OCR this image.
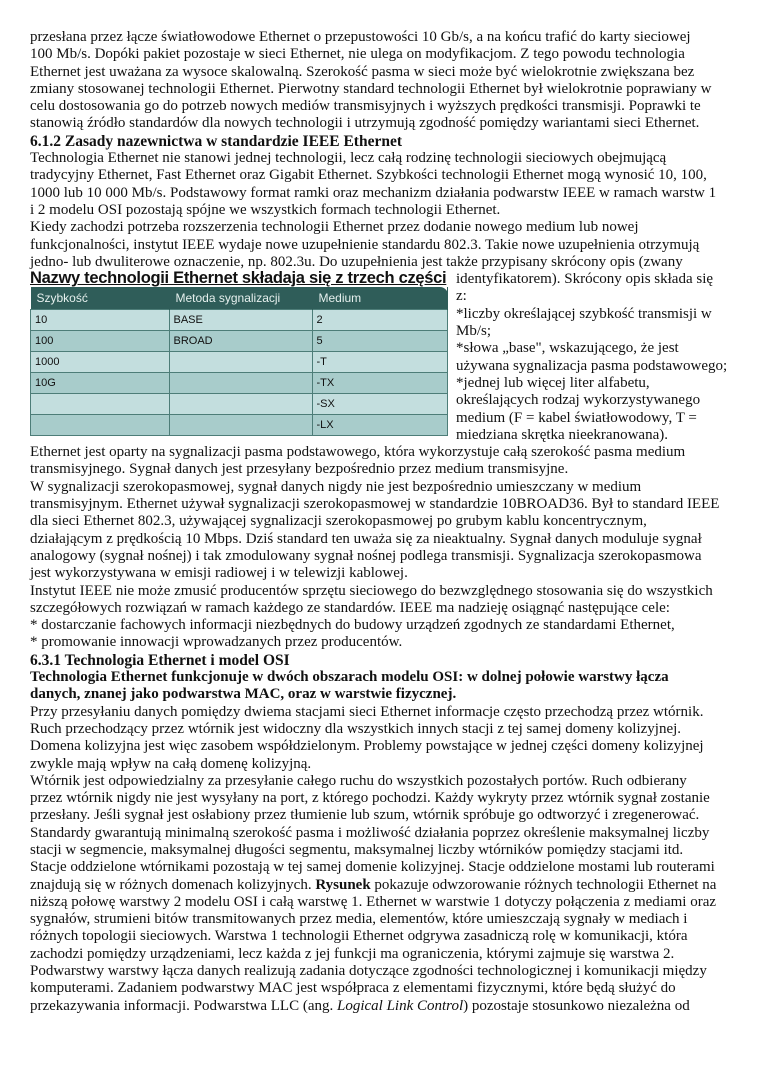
przesłana przez łącze światłowodowe Ethernet o przepustowości 10 Gb/s, a na końcu trafić do karty sieciowej
100 Mb/s. Dopóki pakiet pozostaje w sieci Ethernet, nie ulega on modyfikacjom. Z tego powodu technologia
Ethernet jest uważana za wysoce skalowalną. Szerokość pasma w sieci może być wielokrotnie zwiększana bez
zmiany stosowanej technologii Ethernet. Pierwotny standard technologii Ethernet był wielokrotnie poprawiany w
celu dostosowania go do potrzeb nowych mediów transmisyjnych i wyższych prędkości transmisji. Poprawki te
stanowią źródło standardów dla nowych technologii i utrzymują zgodność pomiędzy wariantami sieci Ethernet.
6.1.2 Zasady nazewnictwa w standardzie IEEE Ethernet
Technologia Ethernet nie stanowi jednej technologii, lecz całą rodzinę technologii sieciowych obejmującą
tradycyjny Ethernet, Fast Ethernet oraz Gigabit Ethernet. Szybkości technologii Ethernet mogą wynosić 10, 100,
1000 lub 10 000 Mb/s. Podstawowy format ramki oraz mechanizm działania podwarstw IEEE w ramach warstw 1
i 2 modelu OSI pozostają spójne we wszystkich formach technologii Ethernet.
Kiedy zachodzi potrzeba rozszerzenia technologii Ethernet przez dodanie nowego medium lub nowej
funkcjonalności, instytut IEEE wydaje nowe uzupełnienie standardu 802.3. Takie nowe uzupełnienia otrzymują
jedno- lub dwuliterowe oznaczenie, np. 802.3u. Do uzupełnienia jest także przypisany skrócony opis (zwany
Nazwy technologii Ethernet składaja się z trzech części
Szybkość	Metoda sygnalizacji	Medium
10	BASE	2
100	BROAD	5
1000		-T
10G		-TX
		-SX
		-LX
identyfikatorem). Skrócony opis składa się
z:
*liczby określającej szybkość transmisji w
Mb/s;
*słowa „base", wskazującego, że jest
używana sygnalizacja pasma podstawowego;
*jednej lub więcej liter alfabetu,
określających rodzaj wykorzystywanego
medium (F = kabel światłowodowy, T =
miedziana skrętka nieekranowana).
Ethernet jest oparty na sygnalizacji pasma podstawowego, która wykorzystuje całą szerokość pasma medium
transmisyjnego. Sygnał danych jest przesyłany bezpośrednio przez medium transmisyjne.
W sygnalizacji szerokopasmowej, sygnał danych nigdy nie jest bezpośrednio umieszczany w medium
transmisyjnym. Ethernet używał sygnalizacji szerokopasmowej w standardzie 10BROAD36. Był to standard IEEE
dla sieci Ethernet 802.3, używającej sygnalizacji szerokopasmowej po grubym kablu koncentrycznym,
działającym z prędkością 10 Mbps. Dziś standard ten uważa się za nieaktualny. Sygnał danych moduluje sygnał
analogowy (sygnał nośnej) i tak zmodulowany sygnał nośnej podlega transmisji. Sygnalizacja szerokopasmowa
jest wykorzystywana w emisji radiowej i w telewizji kablowej.
Instytut IEEE nie może zmusić producentów sprzętu sieciowego do bezwzględnego stosowania się do wszystkich
szczegółowych rozwiązań w ramach każdego ze standardów. IEEE ma nadzieję osiągnąć następujące cele:
* dostarczanie fachowych informacji niezbędnych do budowy urządzeń zgodnych ze standardami Ethernet,
* promowanie innowacji wprowadzanych przez producentów.
6.3.1 Technologia Ethernet i model OSI
Technologia Ethernet funkcjonuje w dwóch obszarach modelu OSI: w dolnej połowie warstwy łącza
danych, znanej jako podwarstwa MAC, oraz w warstwie fizycznej.
Przy przesyłaniu danych pomiędzy dwiema stacjami sieci Ethernet informacje często przechodzą przez wtórnik.
Ruch przechodzący przez wtórnik jest widoczny dla wszystkich innych stacji z tej samej domeny kolizyjnej.
Domena kolizyjna jest więc zasobem współdzielonym. Problemy powstające w jednej części domeny kolizyjnej
zwykle mają wpływ na całą domenę kolizyjną.
Wtórnik jest odpowiedzialny za przesyłanie całego ruchu do wszystkich pozostałych portów. Ruch odbierany
przez wtórnik nigdy nie jest wysyłany na port, z którego pochodzi. Każdy wykryty przez wtórnik sygnał zostanie
przesłany. Jeśli sygnał jest osłabiony przez tłumienie lub szum, wtórnik spróbuje go odtworzyć i zregenerować.
Standardy gwarantują minimalną szerokość pasma i możliwość działania poprzez określenie maksymalnej liczby
stacji w segmencie, maksymalnej długości segmentu, maksymalnej liczby wtórników pomiędzy stacjami itd.
Stacje oddzielone wtórnikami pozostają w tej samej domenie kolizyjnej. Stacje oddzielone mostami lub routerami
znajdują się w różnych domenach kolizyjnych. Rysunek pokazuje odwzorowanie różnych technologii Ethernet na
niższą połowę warstwy 2 modelu OSI i całą warstwę 1. Ethernet w warstwie 1 dotyczy połączenia z mediami oraz
sygnałów, strumieni bitów transmitowanych przez media, elementów, które umieszczają sygnały w mediach i
różnych topologii sieciowych. Warstwa 1 technologii Ethernet odgrywa zasadniczą rolę w komunikacji, która
zachodzi pomiędzy urządzeniami, lecz każda z jej funkcji ma ograniczenia, którymi zajmuje się warstwa 2.
Podwarstwy warstwy łącza danych realizują zadania dotyczące zgodności technologicznej i komunikacji między
komputerami. Zadaniem podwarstwy MAC jest współpraca z elementami fizycznymi, które będą służyć do
przekazywania informacji. Podwarstwa LLC (ang. Logical Link Control) pozostaje stosunkowo niezależna od
